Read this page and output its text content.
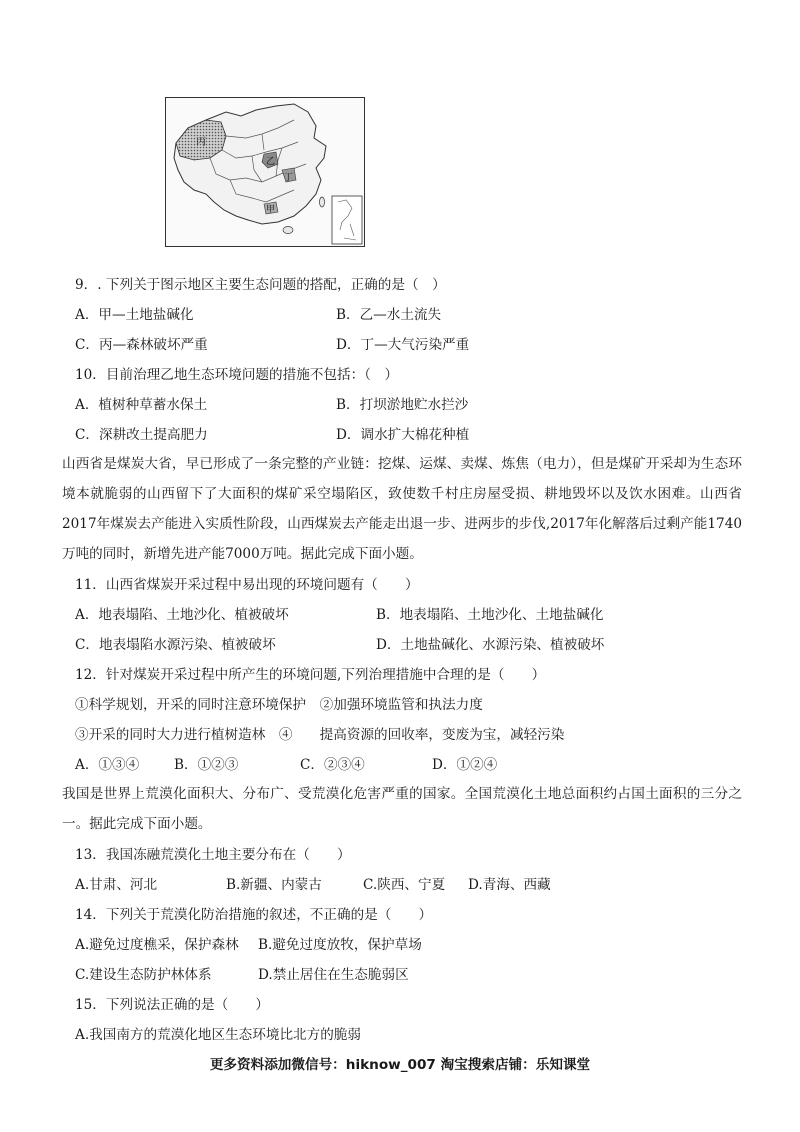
丙
乙
丁
甲
9．. 下列关于图示地区主要生态问题的搭配，正确的是（　）
A．甲—土地盐碱化	B．乙—水土流失
C．丙—森林破坏严重	D．丁—大气污染严重
10．目前治理乙地生态环境问题的措施不包括：（　）
A．植树种草蓄水保土	B．打坝淤地贮水拦沙
C．深耕改土提高肥力	D．调水扩大棉花种植
山西省是煤炭大省，早已形成了一条完整的产业链：挖煤、运煤、卖煤、炼焦（电力），但是煤矿开采却为生态环境本就脆弱的山西留下了大面积的煤矿采空塌陷区，致使数千村庄房屋受损、耕地毁坏以及饮水困难。山西省2017年煤炭去产能进入实质性阶段，山西煤炭去产能走出退一步、进两步的步伐,2017年化解落后过剩产能1740万吨的同时，新增先进产能7000万吨。据此完成下面小题。
11．山西省煤炭开采过程中易出现的环境问题有（　　）
A．地表塌陷、土地沙化、植被破坏	B．地表塌陷、土地沙化、土地盐碱化
C．地表塌陷水源污染、植被破坏	D．土地盐碱化、水源污染、植被破坏
12．针对煤炭开采过程中所产生的环境问题,下列治理措施中合理的是（　　）
①科学规划，开采的同时注意环境保护　②加强环境监管和执法力度
③开采的同时大力进行植树造林　④　　提高资源的回收率，变废为宝，减轻污染
A．①③④	B．①②③	C．②③④	D．①②④
我国是世界上荒漠化面积大、分布广、受荒漠化危害严重的国家。全国荒漠化土地总面积约占国土面积的三分之一。据此完成下面小题。
13．我国冻融荒漠化土地主要分布在（　　）
A.甘肃、河北	B.新疆、内蒙古	C.陕西、宁夏 D.青海、西藏
14．下列关于荒漠化防治措施的叙述，不正确的是（　　）
A.避免过度樵采，保护森林 B.避免过度放牧，保护草场
C.建设生态防护林体系	D.禁止居住在生态脆弱区
15．下列说法正确的是（　　）
A.我国南方的荒漠化地区生态环境比北方的脆弱
更多资料添加微信号：hiknow_007 淘宝搜索店铺：乐知课堂
